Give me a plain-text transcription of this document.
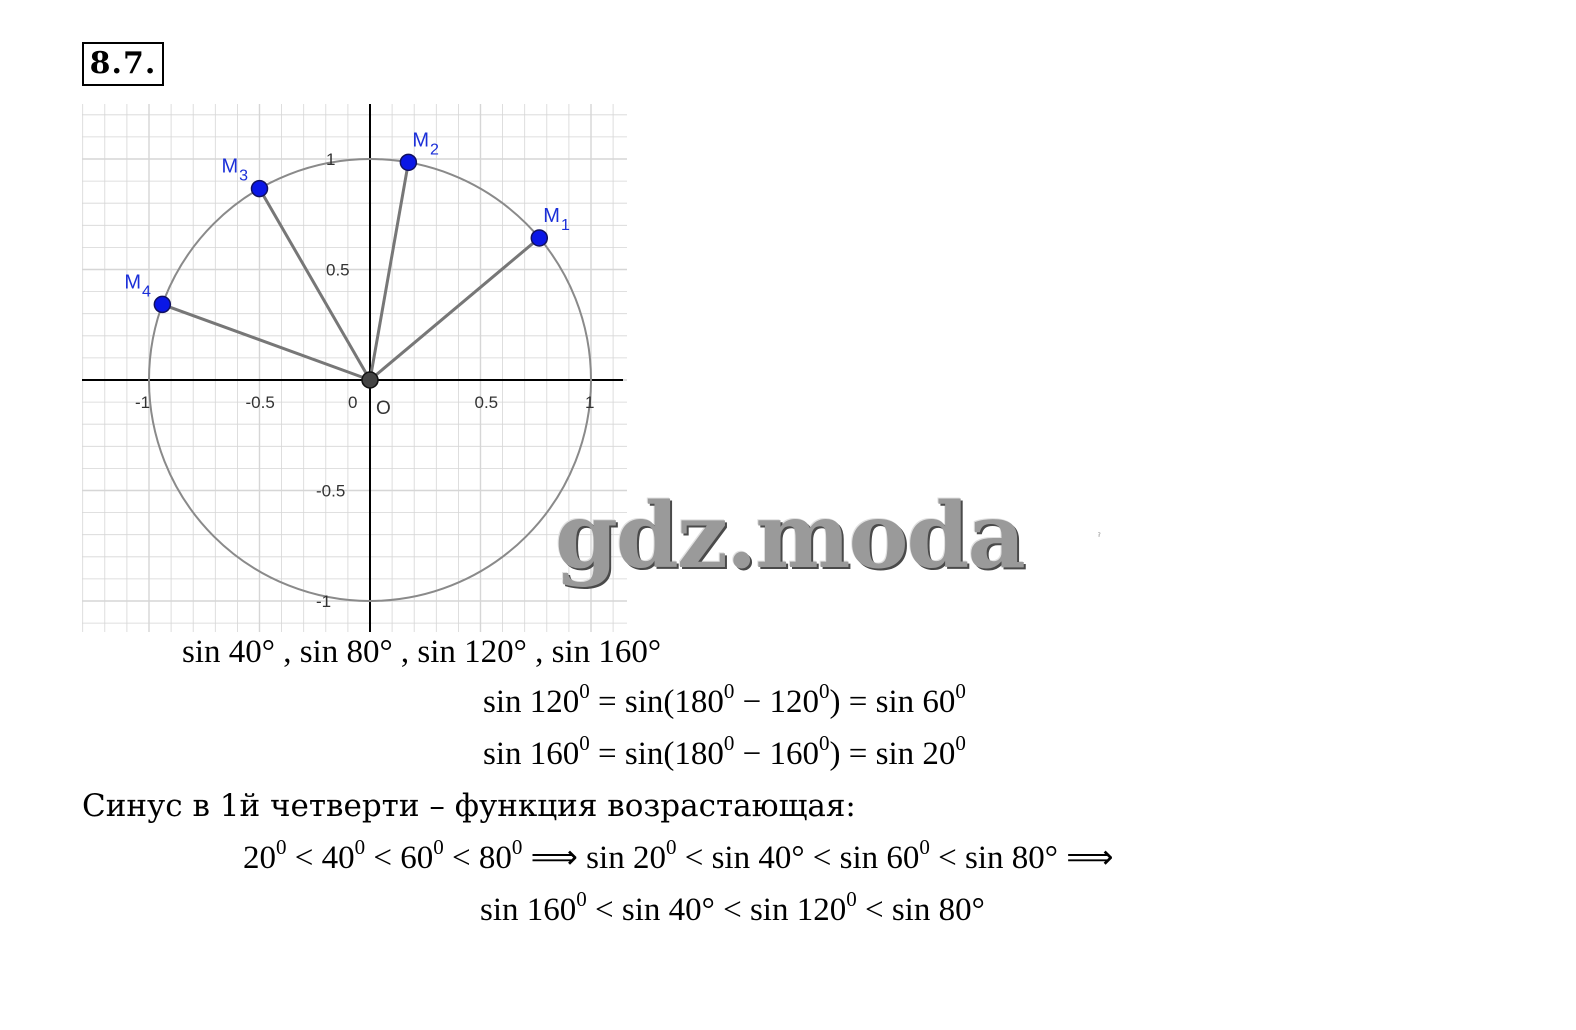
8.7.
-1	-0.5	0	0.5	1
1
0.5
-0.5
-1
O
$M_1$
$M_2$
$M_3$
$M_4$
sin 40° , sin 80° , sin 120° , sin 160°
$\sin 120^0 = \sin(180^0 - 120^0) = \sin 60^0$
$\sin 160^0 = \sin(180^0 - 160^0) = \sin 20^0$
Синус в 1й четверти – функция возрастающая:
$20^0 < 40^0 < 60^0 < 80^0$ ⟹ $\sin 20^0 < \sin 40^\circ < \sin 60^0 < \sin 80^\circ$ ⟹
$\sin 160^0 < \sin 40^\circ < \sin 120^0 < \sin 80^\circ$
gdz.moda	ˀ
